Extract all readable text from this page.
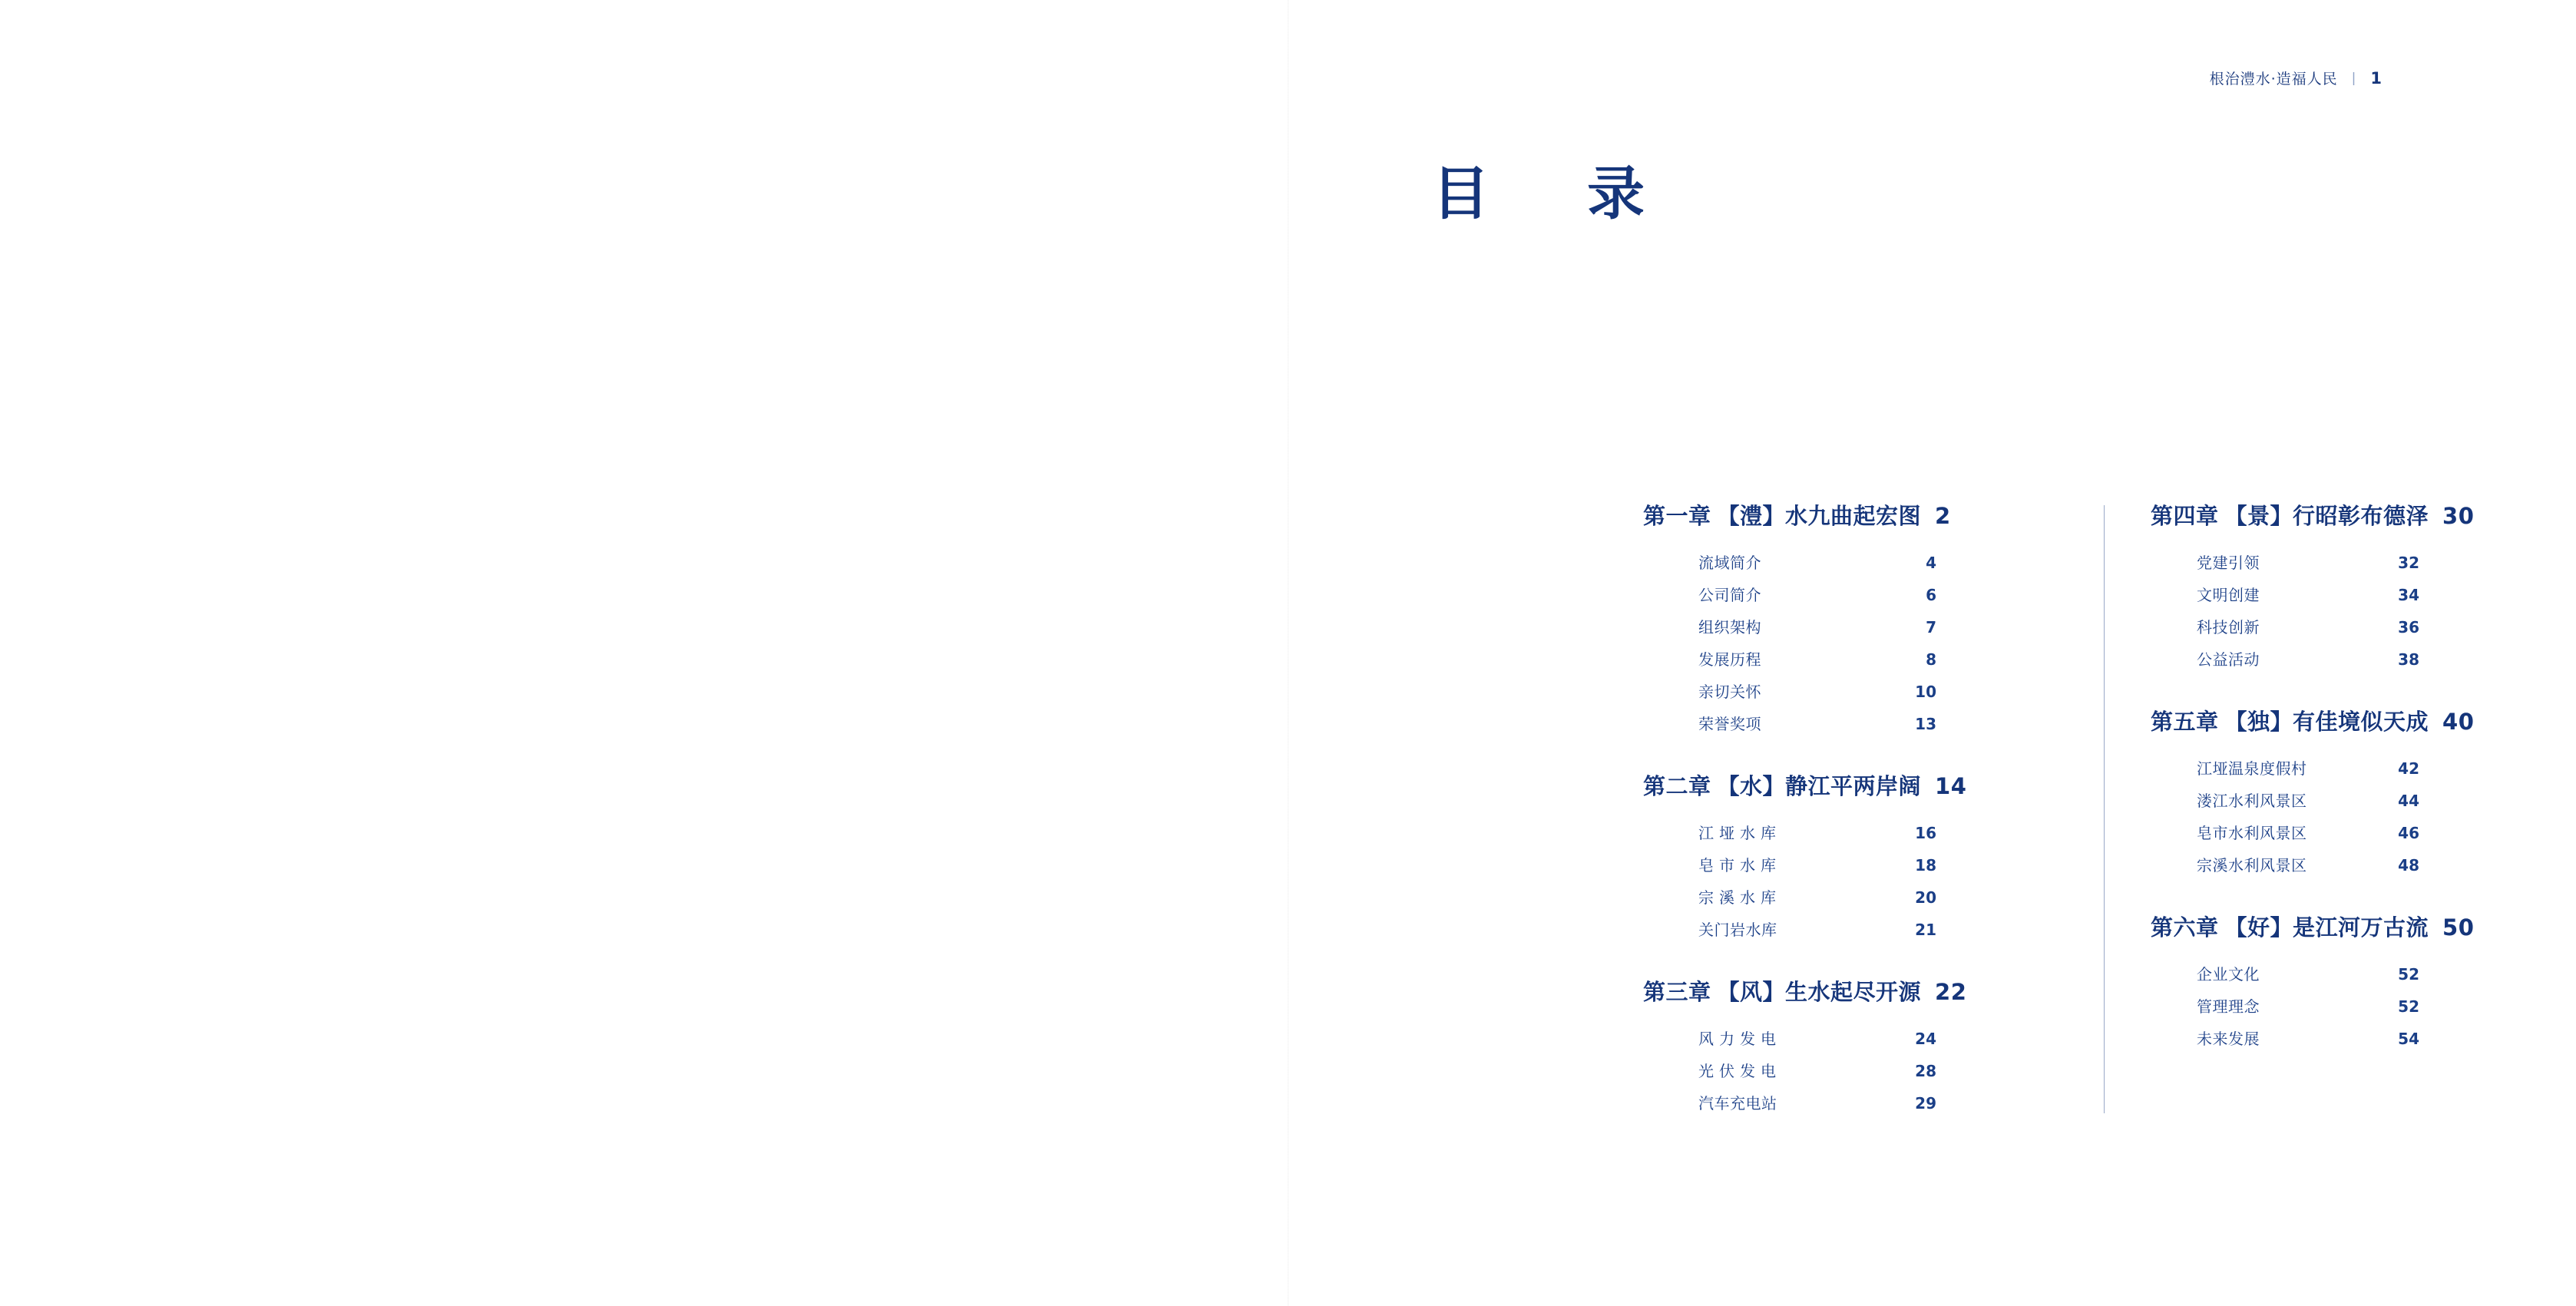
根治澧水·造福人民 | 1
目　录
第一章 【澧】水九曲起宏图 2
流域简介	4
公司简介	6
组织架构	7
发展历程	8
亲切关怀	10
荣誉奖项	13
第二章 【水】静江平两岸阔 14
江垭水库	16
皂市水库	18
宗溪水库	20
关门岩水库	21
第三章 【风】生水起尽开源 22
风力发电	24
光伏发电	28
汽车充电站	29
第四章 【景】行昭彰布德泽 30
党建引领	32
文明创建	34
科技创新	36
公益活动	38
第五章 【独】有佳境似天成 40
江垭温泉度假村	42
溇江水利风景区	44
皂市水利风景区	46
宗溪水利风景区	48
第六章 【好】是江河万古流 50
企业文化	52
管理理念	52
未来发展	54
